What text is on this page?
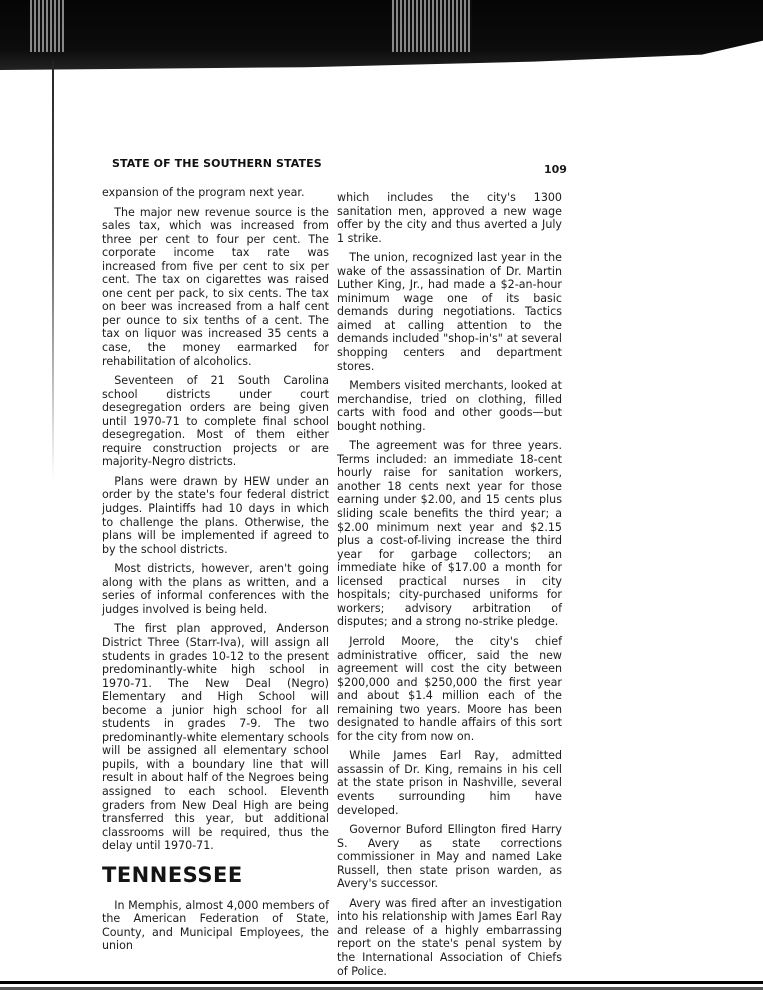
STATE OF THE SOUTHERN STATES	109

expansion of the program next year.

The major new revenue source is the sales tax, which was increased from three per cent to four per cent. The corporate income tax rate was increased from five per cent to six per cent. The tax on cigarettes was raised one cent per pack, to six cents. The tax on beer was increased from a half cent per ounce to six tenths of a cent. The tax on liquor was increased 35 cents a case, the money earmarked for rehabilitation of alcoholics.

Seventeen of 21 South Carolina school districts under court desegregation orders are being given until 1970-71 to complete final school desegregation. Most of them either require construction projects or are majority-Negro districts.

Plans were drawn by HEW under an order by the state's four federal district judges. Plaintiffs had 10 days in which to challenge the plans. Otherwise, the plans will be implemented if agreed to by the school districts.

Most districts, however, aren't going along with the plans as written, and a series of informal conferences with the judges involved is being held.

The first plan approved, Anderson District Three (Starr-Iva), will assign all students in grades 10-12 to the present predominantly-white high school in 1970-71. The New Deal (Negro) Elementary and High School will become a junior high school for all students in grades 7-9. The two predominantly-white elementary schools will be assigned all elementary school pupils, with a boundary line that will result in about half of the Negroes being assigned to each school. Eleventh graders from New Deal High are being transferred this year, but additional classrooms will be required, thus the delay until 1970-71.

TENNESSEE

In Memphis, almost 4,000 members of the American Federation of State, County, and Municipal Employees, the union

which includes the city's 1300 sanitation men, approved a new wage offer by the city and thus averted a July 1 strike.

The union, recognized last year in the wake of the assassination of Dr. Martin Luther King, Jr., had made a $2-an-hour minimum wage one of its basic demands during negotiations. Tactics aimed at calling attention to the demands included "shop-in's" at several shopping centers and department stores.

Members visited merchants, looked at merchandise, tried on clothing, filled carts with food and other goods—but bought nothing.

The agreement was for three years. Terms included: an immediate 18-cent hourly raise for sanitation workers, another 18 cents next year for those earning under $2.00, and 15 cents plus sliding scale benefits the third year; a $2.00 minimum next year and $2.15 plus a cost-of-living increase the third year for garbage collectors; an immediate hike of $17.00 a month for licensed practical nurses in city hospitals; city-purchased uniforms for workers; advisory arbitration of disputes; and a strong no-strike pledge.

Jerrold Moore, the city's chief administrative officer, said the new agreement will cost the city between $200,000 and $250,000 the first year and about $1.4 million each of the remaining two years. Moore has been designated to handle affairs of this sort for the city from now on.

While James Earl Ray, admitted assassin of Dr. King, remains in his cell at the state prison in Nashville, several events surrounding him have developed.

Governor Buford Ellington fired Harry S. Avery as state corrections commissioner in May and named Lake Russell, then state prison warden, as Avery's successor.

Avery was fired after an investigation into his relationship with James Earl Ray and release of a highly embarrassing report on the state's penal system by the International Association of Chiefs of Police.
